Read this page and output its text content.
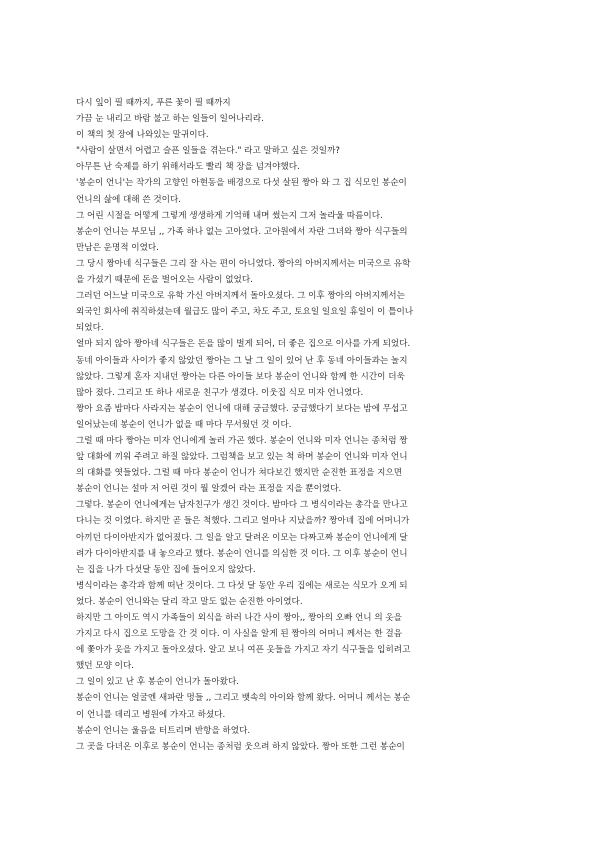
다시 잎이 필 때까지, 푸른 꽃이 필 때까지
가끔 눈 내리고 바람 불고 하는 일들이 일어나리라.
이 책의 첫 장에 나와있는 말귀이다.
"사람이 살면서 어렵고 슬픈 일들을 겪는다." 라고 말하고 싶은 것일까?
아무튼 난 숙제를 하기 위해서라도 빨리 책 장을 넘겨야했다.
'봉순이 언니'는 작가의 고향인 아현동을 배경으로 다섯 살된 짱아 와 그 집 식모인 봉순이
언니의 삶에 대해 쓴 것이다.
그 어린 시절을 어떻게 그렇게 생생하게 기억해 내며 썼는지 그저 놀라울 따름이다.
봉순이 언니는 부모님 ,, 가족 하나 없는 고아였다. 고아원에서 자란 그녀와 짱아 식구들의
만남은 운명적 이였다.
그 당시 짱아네 식구들은 그리 잘 사는 편이 아니였다. 짱아의 아버지께서는 미국으로 유학
을 가셨기 때문에 돈을 벌어오는 사람이 없었다.
그러던 어느날 미국으로 유학 가신 아버지께서 돌아오셨다. 그 이후 짱아의 아버지께서는
외국인 회사에 취직하셨는데 월급도 많이 주고, 차도 주고, 토요일 일요일 휴일이 이 틀이나
되었다.
얼마 되지 않아 짱아네 식구들은 돈을 많이 벌게 되어, 더 좋은 집으로 이사를 가게 되었다.
동네 아이들과 사이가 좋지 않았던 짱아는 그 날 그 일이 있어 난 후 동네 아이들과는 놀지
않았다. 그렇게 혼자 지내던 짱아는 다른 아이들 보다 봉순이 언니와 함께 한 시간이 더욱
많아 졌다. 그리고 또 하나 새로운 친구가 생겼다. 이웃집 식모 미자 언니였다.
짱아 요즘 밤마다 사라지는 봉순이 언니에 대해 궁금했다. 궁금했다기 보다는 밤에 무섭고
일어났는데 봉순이 언니가 없을 때 마다 무서웠던 것 이다.
그럴 때 마다 짱아는 미자 언니에게 놀러 가곤 했다. 봉순이 언니와 미자 언니는 종처럼 짱
앞 대화에 끼워 주려고 하질 않았다. 그럼책을 보고 있는 척 하며 봉순이 언니와 미자 언니
의 대화를 엿들었다. 그럴 때 마다 봉순이 언니가 쳐다보긴 했지만 순진한 표정을 지으면
봉순이 언니는 설마 저 어린 것이 뭘 알겠어 라는 표정을 지을 뿐이였다.
그렇다. 봉순이 언니에게는 남자친구가 생긴 것이다. 밤마다 그 병식이라는 총각을 만나고
다니는 것 이였다. 하지만 곧 들은 척했다. 그리고 얼마나 지났을까? 짱아네 집에 어머니가
아끼던 다이아반지가 없어졌다. 그 일을 알고 달려온 이모는 다짜고짜 봉순이 언니에게 달
려가 다이아반지를 내 놓으라고 했다. 봉순이 언니를 의심한 것 이다. 그 이후 봉순이 언니
는 집을 나가 다섯달 동안 집에 들어오지 않았다.
병식이라는 총각과 함께 떠난 것이다. 그 다섯 달 동안 우리 집에는 새로는 식모가 오게 되
었다. 봉순이 언니와는 달리 작고 말도 없는 순진한 아이였다.
하지만 그 아이도 역시 가족들이 외식을 하러 나간 사이 짱아,, 짱아의 오빠 언니 의 옷을
가지고 다시 집으로 도망을 간 것 이다. 이 사실을 알게 된 짱아의 어머니 께서는 한 걸음
에 쫓아가 옷을 가지고 돌아오셨다. 알고 보니 여픈 옷들을 가지고 자기 식구들을 입히려고
했던 모양 이다.
그 일이 있고 난 후 봉순이 언니가 돌아왔다.
봉순이 언니는 얼굴엔 새파란 멍들 ,, 그리고 뱃속의 아이와 함께 왔다. 어머니 께서는 봉순
이 언니를 데리고 병원에 가자고 하셨다.
봉순이 언니는 울음을 터트리며 반항을 하였다.
그 곳을 다녀온 이후로 봉순이 언니는 종처럼 웃으려 하지 않았다. 짱아 또한 그런 봉순이
